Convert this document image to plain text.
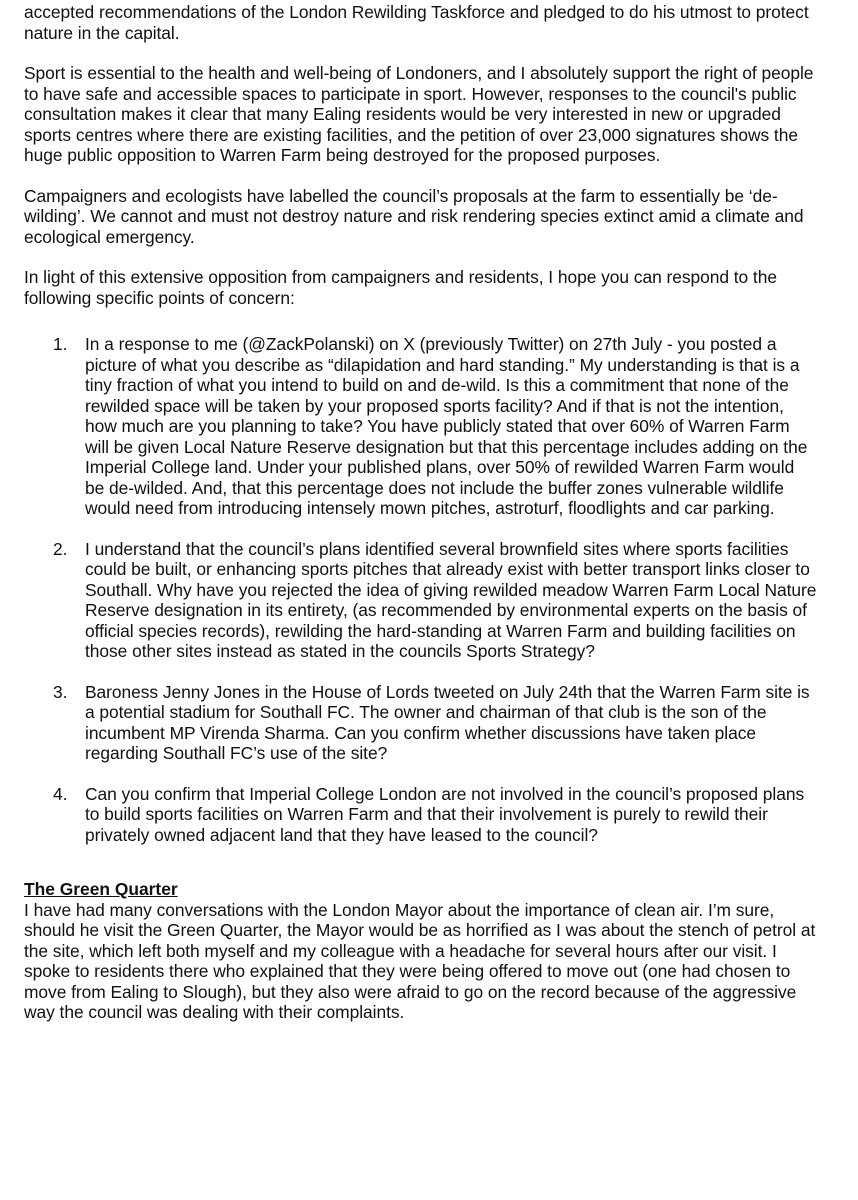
accepted recommendations of the London Rewilding Taskforce and pledged to do his utmost to protect nature in the capital.

Sport is essential to the health and well-being of Londoners, and I absolutely support the right of people to have safe and accessible spaces to participate in sport. However, responses to the council's public consultation makes it clear that many Ealing residents would be very interested in new or upgraded sports centres where there are existing facilities, and the petition of over 23,000 signatures shows the huge public opposition to Warren Farm being destroyed for the proposed purposes.

Campaigners and ecologists have labelled the council’s proposals at the farm to essentially be ‘de-wilding’. We cannot and must not destroy nature and risk rendering species extinct amid a climate and ecological emergency.

In light of this extensive opposition from campaigners and residents, I hope you can respond to the following specific points of concern:

1. In a response to me (@ZackPolanski) on X (previously Twitter) on 27th July - you posted a picture of what you describe as “dilapidation and hard standing.” My understanding is that is a tiny fraction of what you intend to build on and de-wild. Is this a commitment that none of the rewilded space will be taken by your proposed sports facility? And if that is not the intention, how much are you planning to take? You have publicly stated that over 60% of Warren Farm will be given Local Nature Reserve designation but that this percentage includes adding on the Imperial College land. Under your published plans, over 50% of rewilded Warren Farm would be de-wilded. And, that this percentage does not include the buffer zones vulnerable wildlife would need from introducing intensely mown pitches, astroturf, floodlights and car parking.
2. I understand that the council’s plans identified several brownfield sites where sports facilities could be built, or enhancing sports pitches that already exist with better transport links closer to Southall. Why have you rejected the idea of giving rewilded meadow Warren Farm Local Nature Reserve designation in its entirety, (as recommended by environmental experts on the basis of official species records), rewilding the hard-standing at Warren Farm and building facilities on those other sites instead as stated in the councils Sports Strategy?
3. Baroness Jenny Jones in the House of Lords tweeted on July 24th that the Warren Farm site is a potential stadium for Southall FC. The owner and chairman of that club is the son of the incumbent MP Virenda Sharma. Can you confirm whether discussions have taken place regarding Southall FC’s use of the site?
4. Can you confirm that Imperial College London are not involved in the council’s proposed plans to build sports facilities on Warren Farm and that their involvement is purely to rewild their privately owned adjacent land that they have leased to the council?
The Green Quarter

I have had many conversations with the London Mayor about the importance of clean air. I’m sure, should he visit the Green Quarter, the Mayor would be as horrified as I was about the stench of petrol at the site, which left both myself and my colleague with a headache for several hours after our visit. I spoke to residents there who explained that they were being offered to move out (one had chosen to move from Ealing to Slough), but they also were afraid to go on the record because of the aggressive way the council was dealing with their complaints.
